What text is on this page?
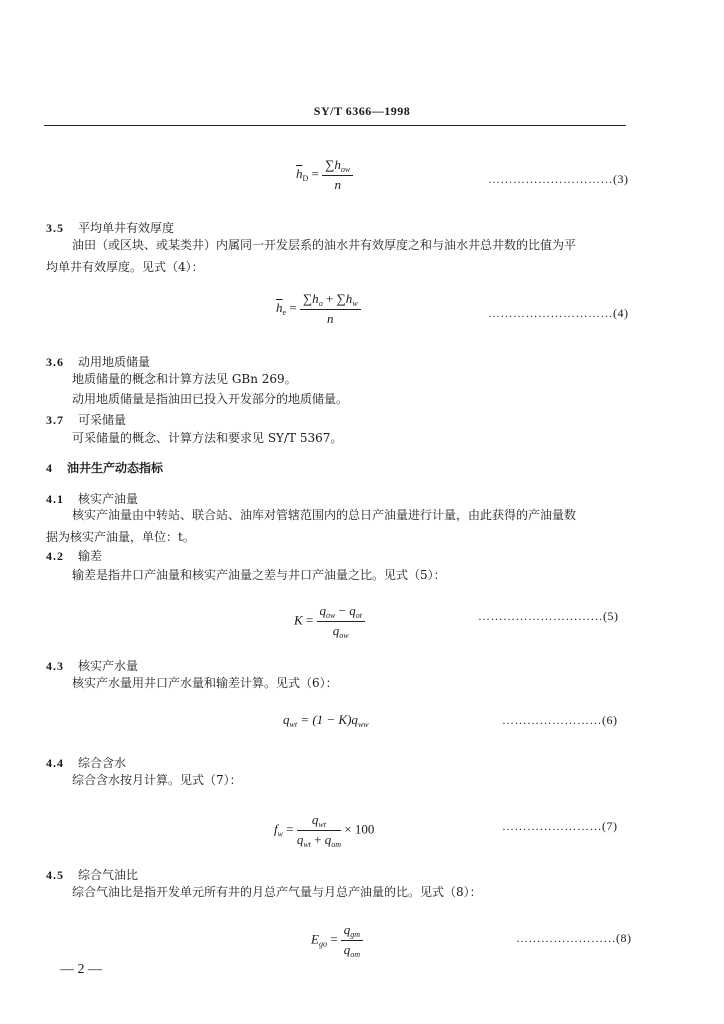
SY/T 6366—1998
$\overline{h}_D = \frac{\sum h_{ow}}{n}$	…………………………(3)
3.5 平均单井有效厚度
油田（或区块、或某类井）内属同一开发层系的油水井有效厚度之和与油水井总井数的比值为平
均单井有效厚度。见式（4）：
$\overline{h}_e = \frac{\sum h_o + \sum h_w}{n}$	…………………………(4)
3.6 动用地质储量
地质储量的概念和计算方法见 GBn 269。
动用地质储量是指油田已投入开发部分的地质储量。
3.7 可采储量
可采储量的概念、计算方法和要求见 SY/T 5367。
4 油井生产动态指标
4.1 核实产油量
核实产油量由中转站、联合站、油库对管辖范围内的总日产油量进行计量，由此获得的产油量数
据为核实产油量，单位：t。
4.2 输差
输差是指井口产油量和核实产油量之差与井口产油量之比。见式（5）：
$K = \frac{q_{ow} - q_{ot}}{q_{ow}}$	…………………………(5)
4.3 核实产水量
核实产水量用井口产水量和输差计算。见式（6）：
$q_{wt} = (1 - K)q_{ww}$	……………………(6)
4.4 综合含水
综合含水按月计算。见式（7）：
$f_w = \frac{q_{wt}}{q_{wt} + q_{om}} \times 100$	……………………(7)
4.5 综合气油比
综合气油比是指开发单元所有井的月总产气量与月总产油量的比。见式（8）：
$E_{go} = \frac{q_{gm}}{q_{om}}$	……………………(8)
— 2 —
